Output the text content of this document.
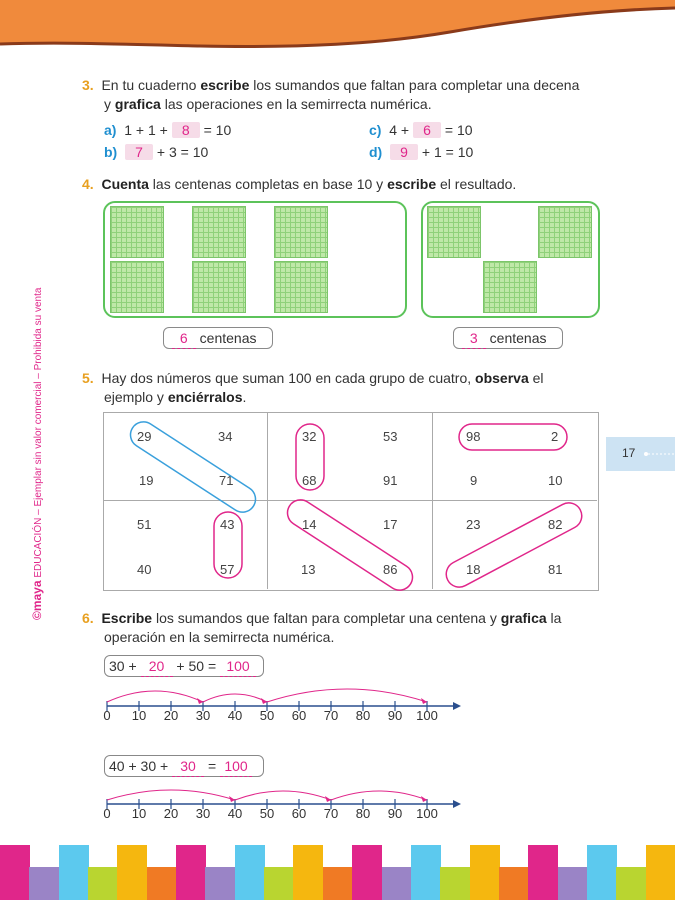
©maya EDUCACIÓN – Ejemplar sin valor comercial – Prohibida su venta	17
3. En tu cuaderno escribe los sumandos que faltan para completar una decena
y grafica las operaciones en la semirrecta numérica.
a) 1 + 1 + 8 = 10
b) 7 + 3 = 10
c) 4 + 6 = 10
d) 9 + 1 = 10
4. Cuenta las centenas completas en base 10 y escribe el resultado.
6 centenas	3 centenas
5. Hay dos números que suman 100 en cada grupo de cuatro, observa el
ejemplo y enciérralos.
29	34
19	71
32	53
68	91
98	2
9	10
51	43
40	57
14	17
13	86
23	82
18	81
6. Escribe los sumandos que faltan para completar una centena y grafica la
operación en la semirrecta numérica.
30 + 20 + 50 = 100
40 + 30 + 30 = 100
0	10	20	30	40	50	60	70	80	90	100
0	10	20	30	40	50	60	70	80	90	100
